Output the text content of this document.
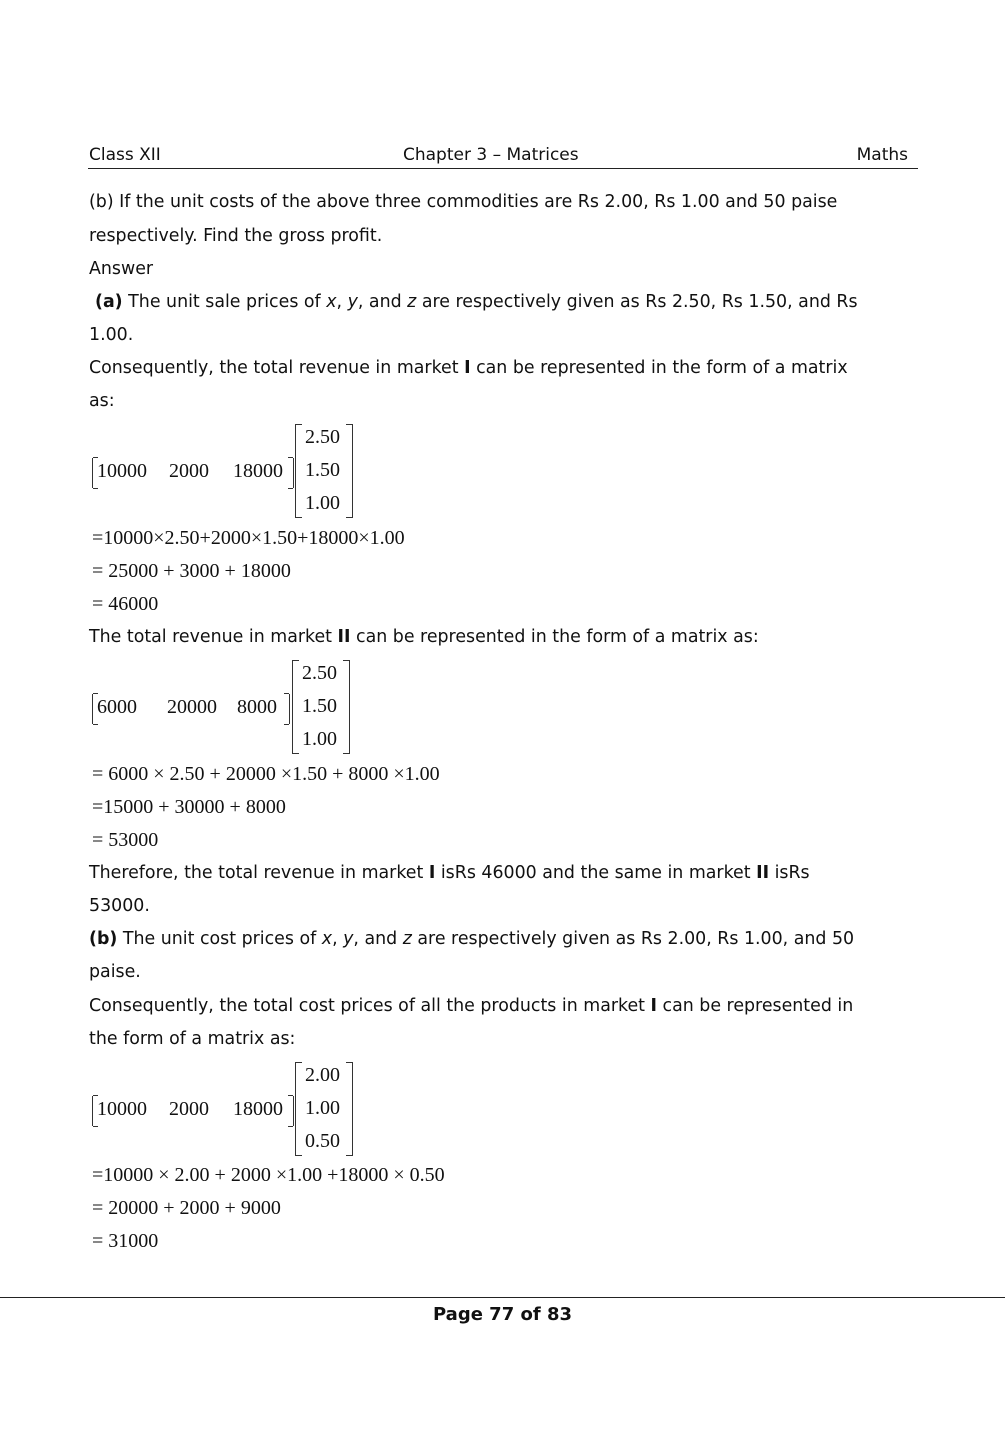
Class XII	Chapter 3 – Matrices	Maths
(b) If the unit costs of the above three commodities are Rs 2.00, Rs 1.00 and 50 paise
respectively. Find the gross profit.
Answer
(a) The unit sale prices of x, y, and z are respectively given as Rs 2.50, Rs 1.50, and Rs
1.00.
Consequently, the total revenue in market I can be represented in the form of a matrix
as:
10000 2000 18000
2.50
1.50
1.00
=10000×2.50+2000×1.50+18000×1.00
= 25000 + 3000 + 18000
= 46000
The total revenue in market II can be represented in the form of a matrix as:
6000 20000 8000
2.50
1.50
1.00
= 6000 × 2.50 + 20000 ×1.50 + 8000 ×1.00
=15000 + 30000 + 8000
= 53000
Therefore, the total revenue in market I isRs 46000 and the same in market II isRs
53000.
(b) The unit cost prices of x, y, and z are respectively given as Rs 2.00, Rs 1.00, and 50
paise.
Consequently, the total cost prices of all the products in market I can be represented in
the form of a matrix as:
10000 2000 18000
2.00
1.00
0.50
=10000 × 2.00 + 2000 ×1.00 +18000 × 0.50
= 20000 + 2000 + 9000
= 31000
Page 77 of 83
